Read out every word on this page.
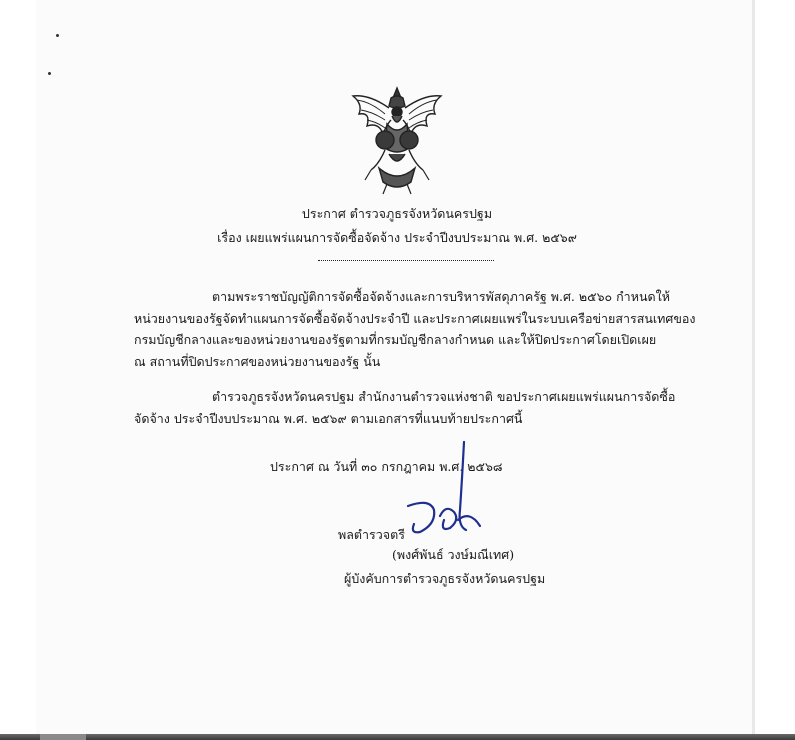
ประกาศ ตำรวจภูธรจังหวัดนครปฐม
เรื่อง เผยแพร่แผนการจัดซื้อจัดจ้าง ประจำปีงบประมาณ พ.ศ. ๒๕๖๙
ตามพระราชบัญญัติการจัดซื้อจัดจ้างและการบริหารพัสดุภาครัฐ พ.ศ. ๒๕๖๐ กำหนดให้
หน่วยงานของรัฐจัดทำแผนการจัดซื้อจัดจ้างประจำปี และประกาศเผยแพร่ในระบบเครือข่ายสารสนเทศของ
กรมบัญชีกลางและของหน่วยงานของรัฐตามที่กรมบัญชีกลางกำหนด และให้ปิดประกาศโดยเปิดเผย
ณ สถานที่ปิดประกาศของหน่วยงานของรัฐ นั้น
ตำรวจภูธรจังหวัดนครปฐม สำนักงานตำรวจแห่งชาติ ขอประกาศเผยแพร่แผนการจัดซื้อ
จัดจ้าง ประจำปีงบประมาณ พ.ศ. ๒๕๖๙ ตามเอกสารที่แนบท้ายประกาศนี้
ประกาศ ณ วันที่ ๓๐ กรกฎาคม พ.ศ. ๒๕๖๘
พลตำรวจตรี
(พงศ์พันธ์ วงษ์มณีเทศ)
ผู้บังคับการตำรวจภูธรจังหวัดนครปฐม
